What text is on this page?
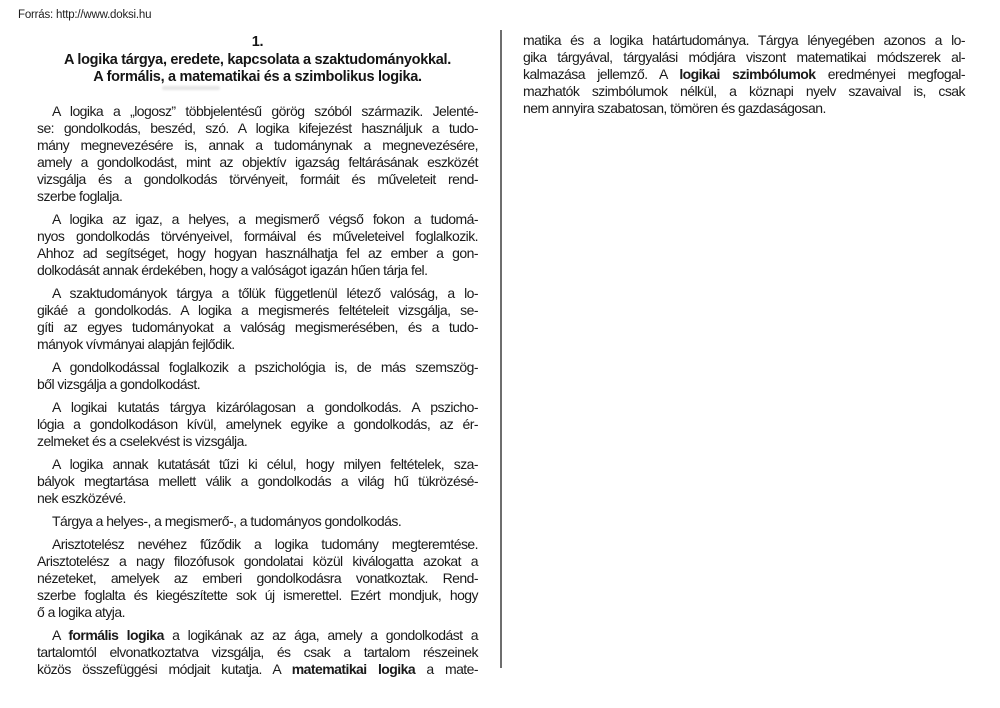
Forrás: http://www.doksi.hu
1.
A logika tárgya, eredete, kapcsolata a szaktudományokkal.
A formális, a matematikai és a szimbolikus logika.
A logika a „logosz” többjelentésű görög szóból származik. Jelenté-
se: gondolkodás, beszéd, szó. A logika kifejezést használjuk a tudo-
mány megnevezésére is, annak a tudománynak a megnevezésére,
amely a gondolkodást, mint az objektív igazság feltárásának eszközét
vizsgálja és a gondolkodás törvényeit, formáit és műveleteit rend-
szerbe foglalja.
A logika az igaz, a helyes, a megismerő végső fokon a tudomá-
nyos gondolkodás törvényeivel, formáival és műveleteivel foglalkozik.
Ahhoz ad segítséget, hogy hogyan használhatja fel az ember a gon-
dolkodását annak érdekében, hogy a valóságot igazán hűen tárja fel.
A szaktudományok tárgya a tőlük függetlenül létező valóság, a lo-
gikáé a gondolkodás. A logika a megismerés feltételeit vizsgálja, se-
gíti az egyes tudományokat a valóság megismerésében, és a tudo-
mányok vívmányai alapján fejlődik.
A gondolkodással foglalkozik a pszichológia is, de más szemszög-
ből vizsgálja a gondolkodást.
A logikai kutatás tárgya kizárólagosan a gondolkodás. A pszicho-
lógia a gondolkodáson kívül, amelynek egyike a gondolkodás, az ér-
zelmeket és a cselekvést is vizsgálja.
A logika annak kutatását tűzi ki célul, hogy milyen feltételek, sza-
bályok megtartása mellett válik a gondolkodás a világ hű tükrözésé-
nek eszközévé.
Tárgya a helyes-, a megismerő-, a tudományos gondolkodás.
Arisztotelész nevéhez fűződik a logika tudomány megteremtése.
Arisztotelész a nagy filozófusok gondolatai közül kiválogatta azokat a
nézeteket, amelyek az emberi gondolkodásra vonatkoztak. Rend-
szerbe foglalta és kiegészítette sok új ismerettel. Ezért mondjuk, hogy
ő a logika atyja.
A formális logika a logikának az az ága, amely a gondolkodást a
tartalomtól elvonatkoztatva vizsgálja, és csak a tartalom részeinek
közös összefüggési módjait kutatja. A matematikai logika a mate-
matika és a logika határtudománya. Tárgya lényegében azonos a lo-
gika tárgyával, tárgyalási módjára viszont matematikai módszerek al-
kalmazása jellemző. A logikai szimbólumok eredményei megfogal-
mazhatók szimbólumok nélkül, a köznapi nyelv szavaival is, csak
nem annyira szabatosan, tömören és gazdaságosan.
